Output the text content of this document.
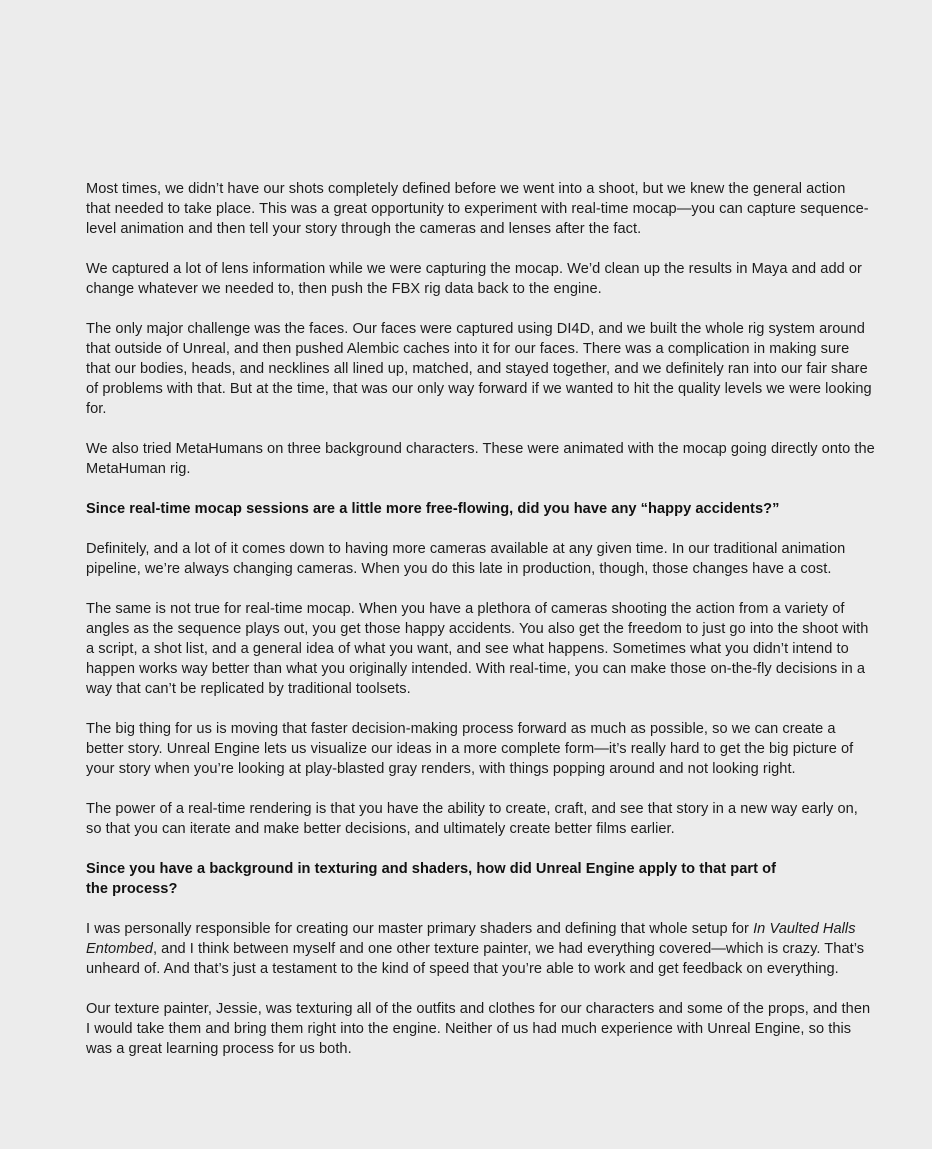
Most times, we didn’t have our shots completely defined before we went into a shoot, but we knew the general action that needed to take place. This was a great opportunity to experiment with real-time mocap—you can capture sequence-level animation and then tell your story through the cameras and lenses after the fact.

We captured a lot of lens information while we were capturing the mocap. We’d clean up the results in Maya and add or change whatever we needed to, then push the FBX rig data back to the engine.

The only major challenge was the faces. Our faces were captured using DI4D, and we built the whole rig system around that outside of Unreal, and then pushed Alembic caches into it for our faces. There was a complication in making sure that our bodies, heads, and necklines all lined up, matched, and stayed together, and we definitely ran into our fair share of problems with that. But at the time, that was our only way forward if we wanted to hit the quality levels we were looking for.

We also tried MetaHumans on three background characters. These were animated with the mocap going directly onto the MetaHuman rig.

Since real-time mocap sessions are a little more free-flowing, did you have any “happy accidents?”

Definitely, and a lot of it comes down to having more cameras available at any given time. In our traditional animation pipeline, we’re always changing cameras. When you do this late in production, though, those changes have a cost.

The same is not true for real-time mocap. When you have a plethora of cameras shooting the action from a variety of angles as the sequence plays out, you get those happy accidents. You also get the freedom to just go into the shoot with a script, a shot list, and a general idea of what you want, and see what happens. Sometimes what you didn’t intend to happen works way better than what you originally intended. With real-time, you can make those on-the-fly decisions in a way that can’t be replicated by traditional toolsets.

The big thing for us is moving that faster decision-making process forward as much as possible, so we can create a better story. Unreal Engine lets us visualize our ideas in a more complete form—it’s really hard to get the big picture of your story when you’re looking at play-blasted gray renders, with things popping around and not looking right.

The power of a real-time rendering is that you have the ability to create, craft, and see that story in a new way early on, so that you can iterate and make better decisions, and ultimately create better films earlier.

Since you have a background in texturing and shaders, how did Unreal Engine apply to that part of the process?

I was personally responsible for creating our master primary shaders and defining that whole setup for In Vaulted Halls Entombed, and I think between myself and one other texture painter, we had everything covered—which is crazy. That’s unheard of. And that’s just a testament to the kind of speed that you’re able to work and get feedback on everything.

Our texture painter, Jessie, was texturing all of the outfits and clothes for our characters and some of the props, and then I would take them and bring them right into the engine. Neither of us had much experience with Unreal Engine, so this was a great learning process for us both.
